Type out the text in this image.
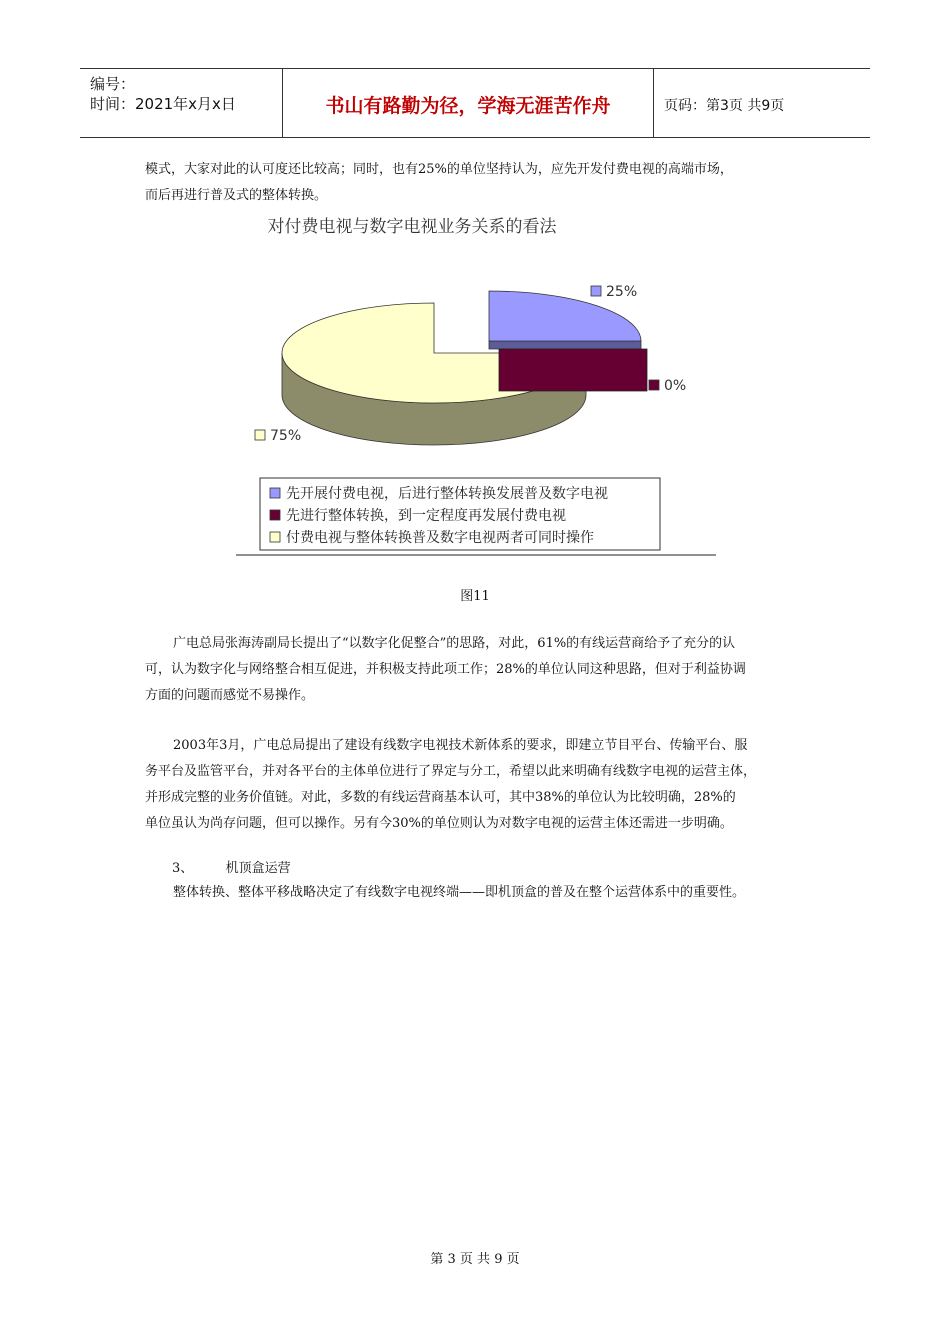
编号：
时间：2021年x月x日	书山有路勤为径，学海无涯苦作舟	页码：第3页 共9页
模式，大家对此的认可度还比较高；同时，也有25%的单位坚持认为，应先开发付费电视的高端市场，
而后再进行普及式的整体转换。
对付费电视与数字电视业务关系的看法
25%
0%
75%
先开展付费电视，后进行整体转换发展普及数字电视
先进行整体转换，到一定程度再发展付费电视
付费电视与整体转换普及数字电视两者可同时操作
图11
广电总局张海涛副局长提出了“以数字化促整合”的思路，对此，61%的有线运营商给予了充分的认
可，认为数字化与网络整合相互促进，并积极支持此项工作；28%的单位认同这种思路，但对于利益协调
方面的问题而感觉不易操作。
2003年3月，广电总局提出了建设有线数字电视技术新体系的要求，即建立节目平台、传输平台、服
务平台及监管平台，并对各平台的主体单位进行了界定与分工，希望以此来明确有线数字电视的运营主体，
并形成完整的业务价值链。对此，多数的有线运营商基本认可，其中38%的单位认为比较明确，28%的
单位虽认为尚存问题，但可以操作。另有今30%的单位则认为对数字电视的运营主体还需进一步明确。
3、 机顶盒运营
整体转换、整体平移战略决定了有线数字电视终端——即机顶盒的普及在整个运营体系中的重要性。
第 3 页 共 9 页
